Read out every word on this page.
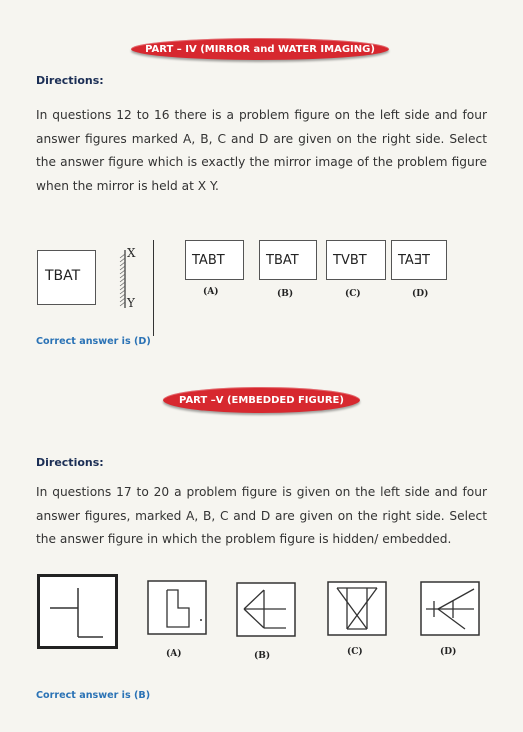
PART – IV (MIRROR and WATER IMAGING)
Directions:
In questions 12 to 16 there is a problem figure on the left side and four answer figures marked A, B, C and D are given on the right side. Select the answer figure which is exactly the mirror image of the problem figure when the mirror is held at X Y.
TBAT
X
Y
TABT
(A)
TBAT
(B)
TVBT
(C)
TAƎT
(D)
Correct answer is (D)
PART –V (EMBEDDED FIGURE)
Directions:
In questions 17 to 20 a problem figure is given on the left side and four answer figures, marked A, B, C and D are given on the right side. Select the answer figure in which the problem figure is hidden/ embedded.
(A)	(B)	(C)	(D)
Correct answer is (B)
